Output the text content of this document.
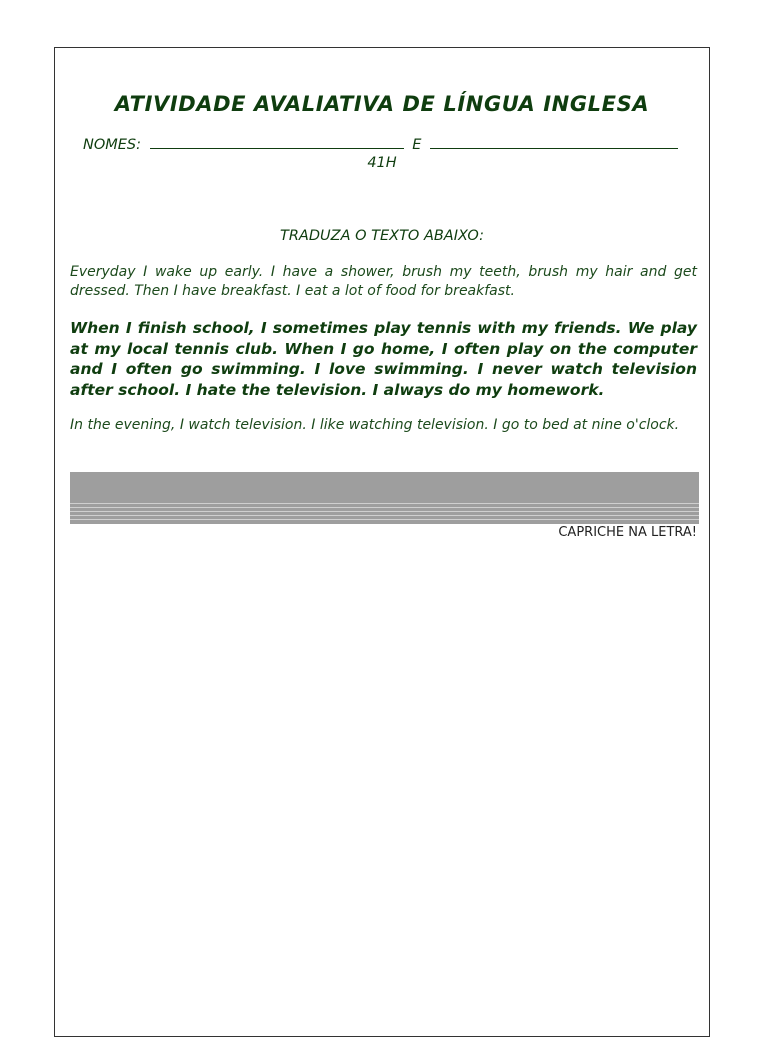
ATIVIDADE AVALIATIVA DE LÍNGUA INGLESA
NOMES:	E
41H
TRADUZA O TEXTO ABAIXO:

Everyday I wake up early. I have a shower, brush my teeth, brush my hair and get dressed. Then I have breakfast. I eat a lot of food for breakfast.

When I finish school, I sometimes play tennis with my friends. We play at my local tennis club. When I go home, I often play on the computer and I often go swimming. I love swimming. I never watch television after school. I hate the television. I always do my homework.

In the evening, I watch television. I like watching television. I go to bed at nine o'clock.

CAPRICHE NA LETRA!
